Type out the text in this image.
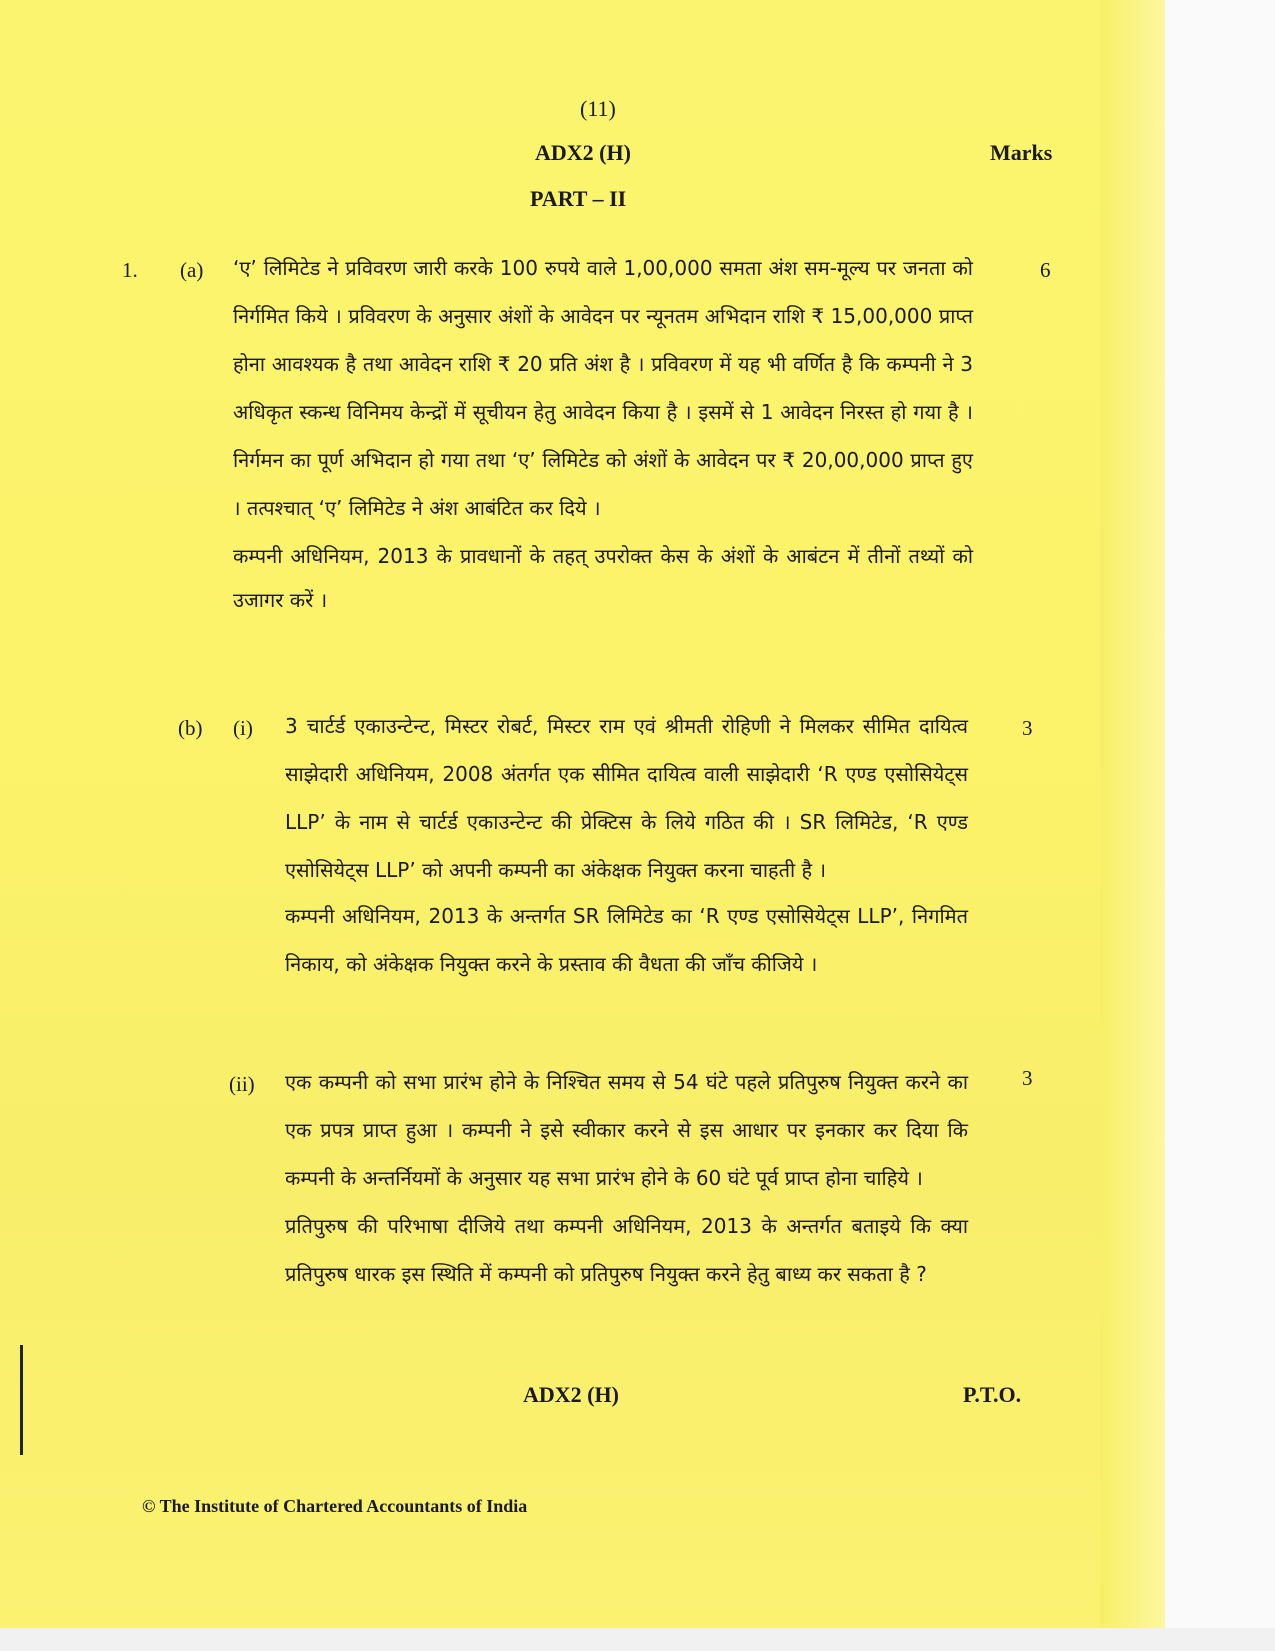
(11)
ADX2 (H)	Marks
PART – II
1. (a)	6

‘ए’ लिमिटेड ने प्रविवरण जारी करके 100 रुपये वाले 1,00,000 समता अंश सम-मूल्य पर जनता को निर्गमित किये । प्रविवरण के अनुसार अंशों के आवेदन पर न्यूनतम अभिदान राशि ₹ 15,00,000 प्राप्त होना आवश्यक है तथा आवेदन राशि ₹ 20 प्रति अंश है । प्रविवरण में यह भी वर्णित है कि कम्पनी ने 3 अधिकृत स्कन्ध विनिमय केन्द्रों में सूचीयन हेतु आवेदन किया है । इसमें से 1 आवेदन निरस्त हो गया है । निर्गमन का पूर्ण अभिदान हो गया तथा ‘ए’ लिमिटेड को अंशों के आवेदन पर ₹ 20,00,000 प्राप्त हुए । तत्पश्चात् ‘ए’ लिमिटेड ने अंश आबंटित कर दिये ।

कम्पनी अधिनियम, 2013 के प्रावधानों के तहत् उपरोक्त केस के अंशों के आबंटन में तीनों तथ्यों को उजागर करें ।

(b) (i)	3

3 चार्टर्ड एकाउन्टेन्ट, मिस्टर रोबर्ट, मिस्टर राम एवं श्रीमती रोहिणी ने मिलकर सीमित दायित्व साझेदारी अधिनियम, 2008 अंतर्गत एक सीमित दायित्व वाली साझेदारी ‘R एण्ड एसोसियेट्स LLP’ के नाम से चार्टर्ड एकाउन्टेन्ट की प्रेक्टिस के लिये गठित की । SR लिमिटेड, ‘R एण्ड एसोसियेट्स LLP’ को अपनी कम्पनी का अंकेक्षक नियुक्त करना चाहती है ।

कम्पनी अधिनियम, 2013 के अन्तर्गत SR लिमिटेड का ‘R एण्ड एसोसियेट्स LLP’, निगमित निकाय, को अंकेक्षक नियुक्त करने के प्रस्ताव की वैधता की जाँच कीजिये ।

(ii)	3

एक कम्पनी को सभा प्रारंभ होने के निश्चित समय से 54 घंटे पहले प्रतिपुरुष नियुक्त करने का एक प्रपत्र प्राप्त हुआ । कम्पनी ने इसे स्वीकार करने से इस आधार पर इनकार कर दिया कि कम्पनी के अन्तर्नियमों के अनुसार यह सभा प्रारंभ होने के 60 घंटे पूर्व प्राप्त होना चाहिये ।

प्रतिपुरुष की परिभाषा दीजिये तथा कम्पनी अधिनियम, 2013 के अन्तर्गत बताइये कि क्या प्रतिपुरुष धारक इस स्थिति में कम्पनी को प्रतिपुरुष नियुक्त करने हेतु बाध्य कर सकता है ?

ADX2 (H)	P.T.O.
© The Institute of Chartered Accountants of India
